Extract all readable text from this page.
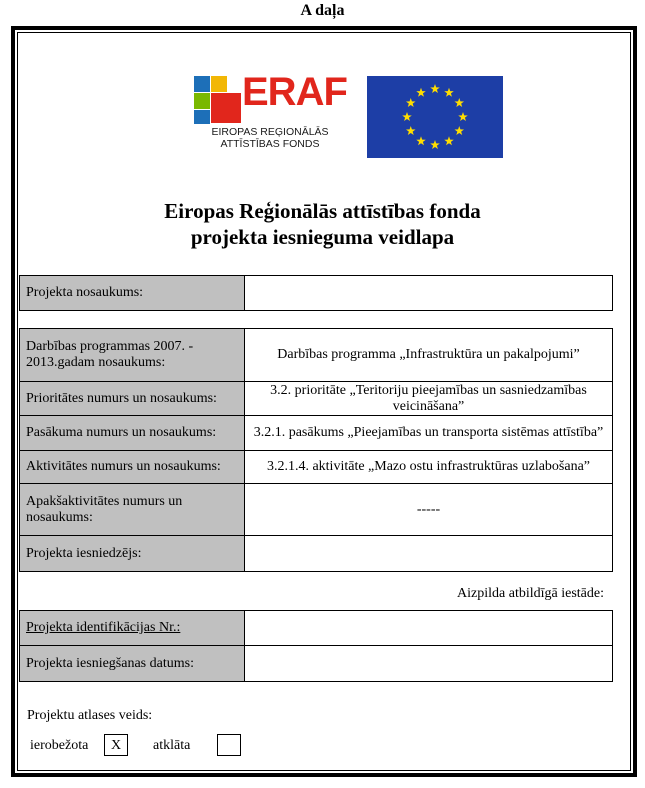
A daļa
ERAF
EIROPAS REĢIONĀLĀS
ATTĪSTĪBAS FONDS
Eiropas Reģionālās attīstības fonda
projekta iesnieguma veidlapa
Projekta nosaukums:	
Darbības programmas 2007. - 2013.gadam nosaukums:	Darbības programma „Infrastruktūra un pakalpojumi”
Prioritātes numurs un nosaukums:	3.2. prioritāte „Teritoriju pieejamības un sasniedzamības veicināšana”
Pasākuma numurs un nosaukums:	3.2.1. pasākums „Pieejamības un transporta sistēmas attīstība”
Aktivitātes numurs un nosaukums:	3.2.1.4. aktivitāte „Mazo ostu infrastruktūras uzlabošana”
Apakšaktivitātes numurs un nosaukums:	-----
Projekta iesniedzējs:	
Aizpilda atbildīgā iestāde:
Projekta identifikācijas Nr.:	
Projekta iesniegšanas datums:	
Projektu atlases veids:
ierobežota	X	atklāta
